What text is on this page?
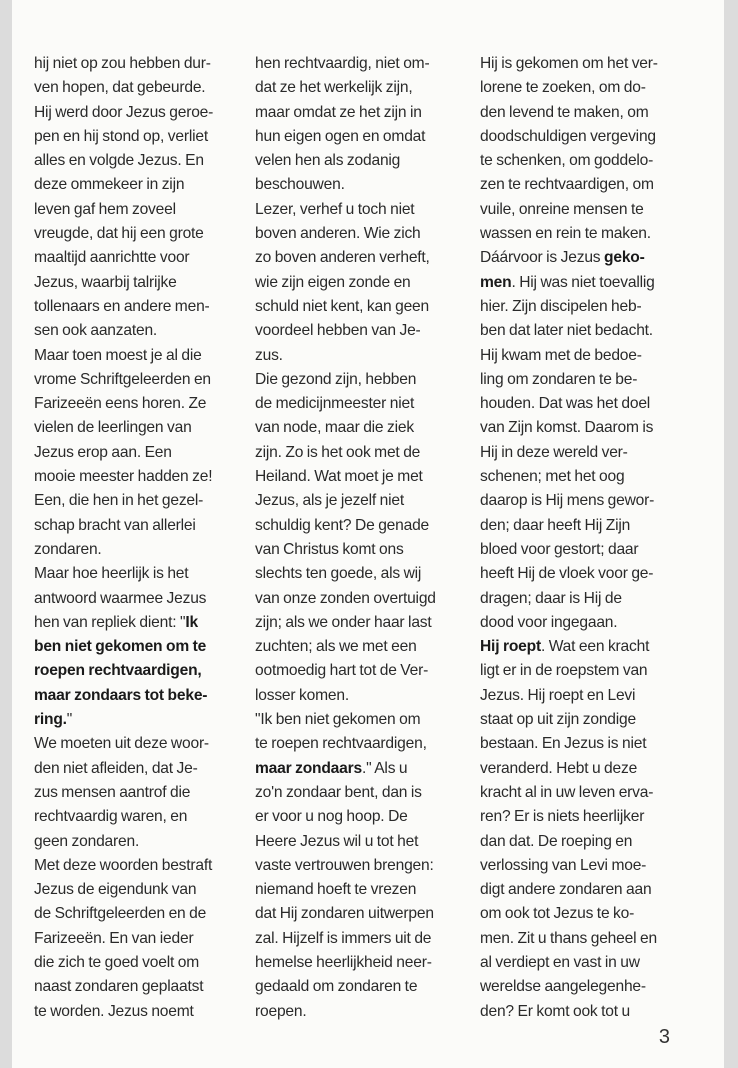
hij niet op zou hebben dur-
ven hopen, dat gebeurde.
Hij werd door Jezus geroe-
pen en hij stond op, verliet
alles en volgde Jezus. En
deze ommekeer in zijn
leven gaf hem zoveel
vreugde, dat hij een grote
maaltijd aanrichtte voor
Jezus, waarbij talrijke
tollenaars en andere men-
sen ook aanzaten.
Maar toen moest je al die
vrome Schriftgeleerden en
Farizeeën eens horen. Ze
vielen de leerlingen van
Jezus erop aan. Een
mooie meester hadden ze!
Een, die hen in het gezel-
schap bracht van allerlei
zondaren.
Maar hoe heerlijk is het
antwoord waarmee Jezus
hen van repliek dient: "Ik
ben niet gekomen om te
roepen rechtvaardigen,
maar zondaars tot beke-
ring."
We moeten uit deze woor-
den niet afleiden, dat Je-
zus mensen aantrof die
rechtvaardig waren, en
geen zondaren.
Met deze woorden bestraft
Jezus de eigendunk van
de Schriftgeleerden en de
Farizeeën. En van ieder
die zich te goed voelt om
naast zondaren geplaatst
te worden. Jezus noemt
hen rechtvaardig, niet om-
dat ze het werkelijk zijn,
maar omdat ze het zijn in
hun eigen ogen en omdat
velen hen als zodanig
beschouwen.
Lezer, verhef u toch niet
boven anderen. Wie zich
zo boven anderen verheft,
wie zijn eigen zonde en
schuld niet kent, kan geen
voordeel hebben van Je-
zus.
Die gezond zijn, hebben
de medicijnmeester niet
van node, maar die ziek
zijn. Zo is het ook met de
Heiland. Wat moet je met
Jezus, als je jezelf niet
schuldig kent? De genade
van Christus komt ons
slechts ten goede, als wij
van onze zonden overtuigd
zijn; als we onder haar last
zuchten; als we met een
ootmoedig hart tot de Ver-
losser komen.
"Ik ben niet gekomen om
te roepen rechtvaardigen,
maar zondaars." Als u
zo'n zondaar bent, dan is
er voor u nog hoop. De
Heere Jezus wil u tot het
vaste vertrouwen brengen:
niemand hoeft te vrezen
dat Hij zondaren uitwerpen
zal. Hijzelf is immers uit de
hemelse heerlijkheid neer-
gedaald om zondaren te
roepen.
Hij is gekomen om het ver-
lorene te zoeken, om do-
den levend te maken, om
doodschuldigen vergeving
te schenken, om goddelo-
zen te rechtvaardigen, om
vuile, onreine mensen te
wassen en rein te maken.
Dáárvoor is Jezus geko-
men. Hij was niet toevallig
hier. Zijn discipelen heb-
ben dat later niet bedacht.
Hij kwam met de bedoe-
ling om zondaren te be-
houden. Dat was het doel
van Zijn komst. Daarom is
Hij in deze wereld ver-
schenen; met het oog
daarop is Hij mens gewor-
den; daar heeft Hij Zijn
bloed voor gestort; daar
heeft Hij de vloek voor ge-
dragen; daar is Hij de
dood voor ingegaan.
Hij roept. Wat een kracht
ligt er in de roepstem van
Jezus. Hij roept en Levi
staat op uit zijn zondige
bestaan. En Jezus is niet
veranderd. Hebt u deze
kracht al in uw leven erva-
ren? Er is niets heerlijker
dan dat. De roeping en
verlossing van Levi moe-
digt andere zondaren aan
om ook tot Jezus te ko-
men. Zit u thans geheel en
al verdiept en vast in uw
wereldse aangelegenhe-
den? Er komt ook tot u
3
